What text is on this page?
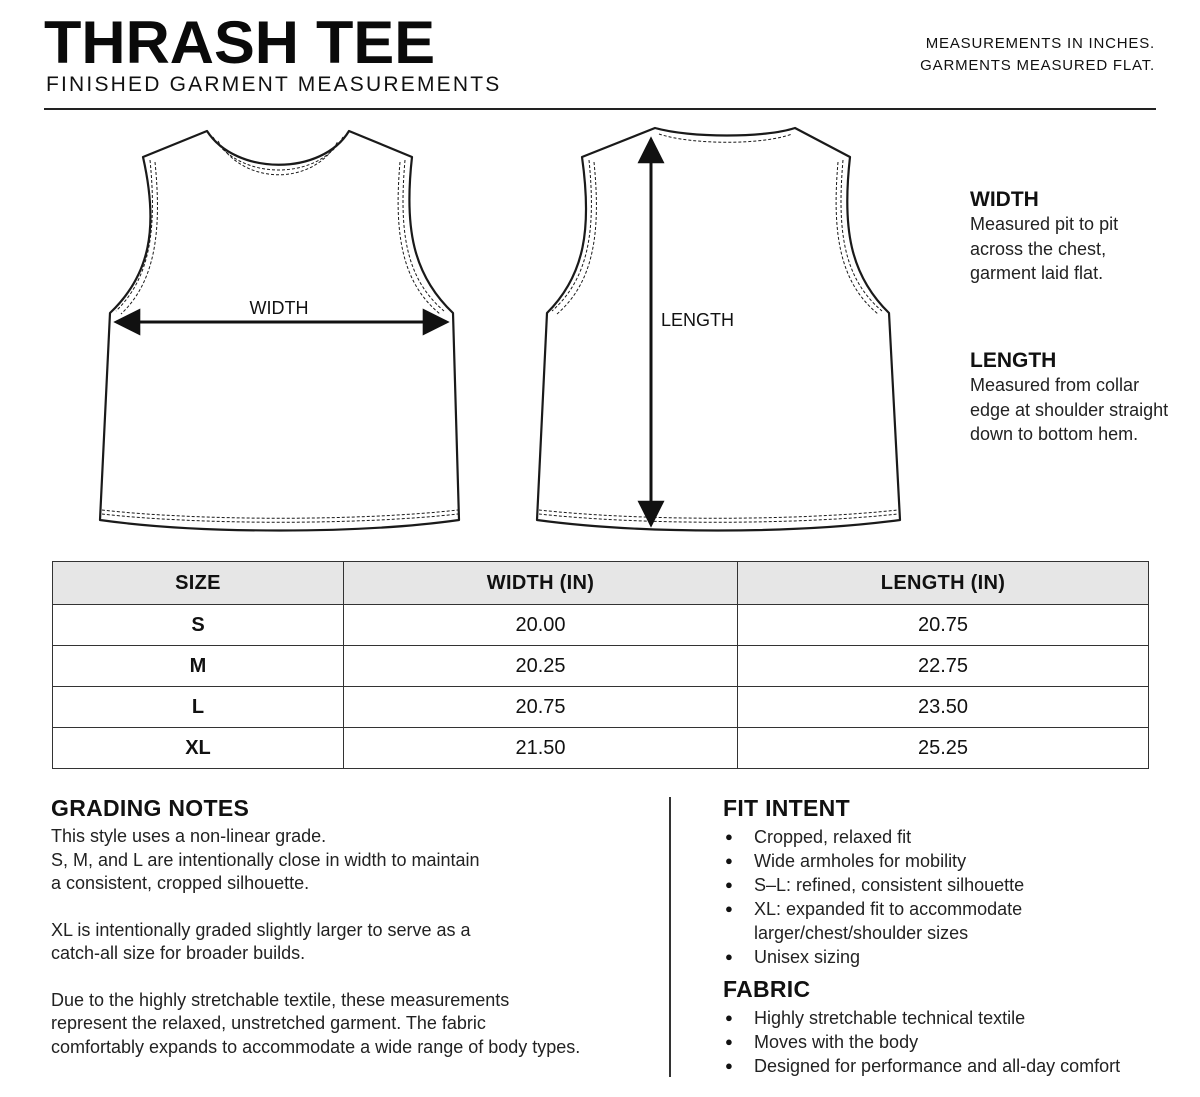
THRASH TEE
FINISHED GARMENT MEASUREMENTS
MEASUREMENTS IN INCHES.
GARMENTS MEASURED FLAT.
WIDTH
LENGTH
WIDTH
Measured pit to pit across the chest, garment laid flat.
LENGTH
Measured from collar edge at shoulder straight down to bottom hem.
SIZE	WIDTH (IN)	LENGTH (IN)
S	20.00	20.75
M	20.25	22.75
L	20.75	23.50
XL	21.50	25.25
GRADING NOTES

This style uses a non-linear grade.
S, M, and L are intentionally close in width to maintain
a consistent, cropped silhouette.

XL is intentionally graded slightly larger to serve as a
catch-all size for broader builds.

Due to the highly stretchable textile, these measurements
represent the relaxed, unstretched garment. The fabric
comfortably expands to accommodate a wide range of body types.

FIT INTENT
● Cropped, relaxed fit
● Wide armholes for mobility
● S–L: refined, consistent silhouette
● XL: expanded fit to accommodate
larger/chest/shoulder sizes
● Unisex sizing
FABRIC
● Highly stretchable technical textile
● Moves with the body
● Designed for performance and all-day comfort
